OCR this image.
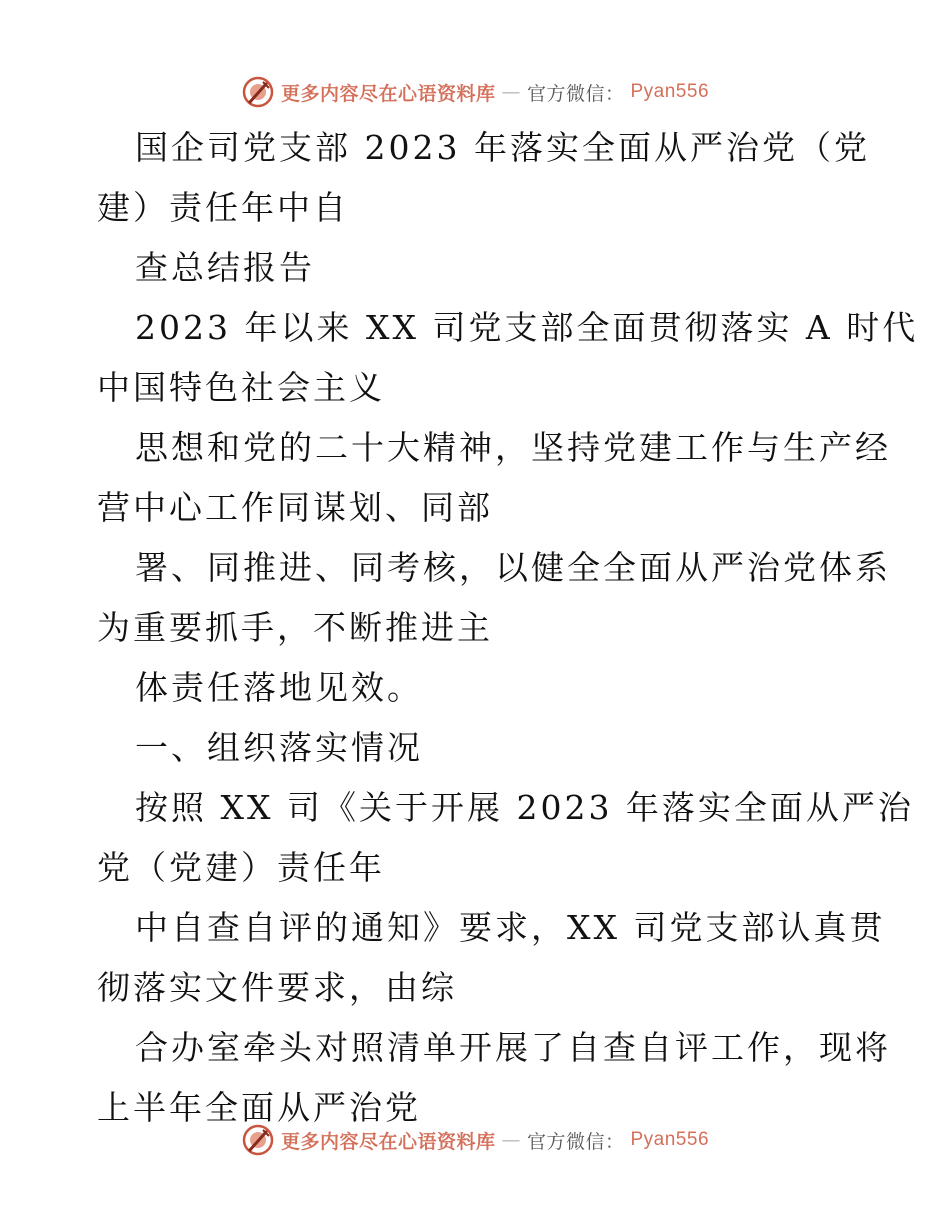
更多内容尽在心语资料库 — 官方微信： Pyan556
国企司党支部 2023 年落实全面从严治党（党
建）责任年中自
查总结报告
2023 年以来 XX 司党支部全面贯彻落实 A 时代
中国特色社会主义
思想和党的二十大精神，坚持党建工作与生产经
营中心工作同谋划、同部
署、同推进、同考核，以健全全面从严治党体系
为重要抓手，不断推进主
体责任落地见效。
一、组织落实情况
按照 XX 司《关于开展 2023 年落实全面从严治
党（党建）责任年
中自查自评的通知》要求，XX 司党支部认真贯
彻落实文件要求，由综
合办室牵头对照清单开展了自查自评工作，现将
上半年全面从严治党
更多内容尽在心语资料库 — 官方微信： Pyan556
